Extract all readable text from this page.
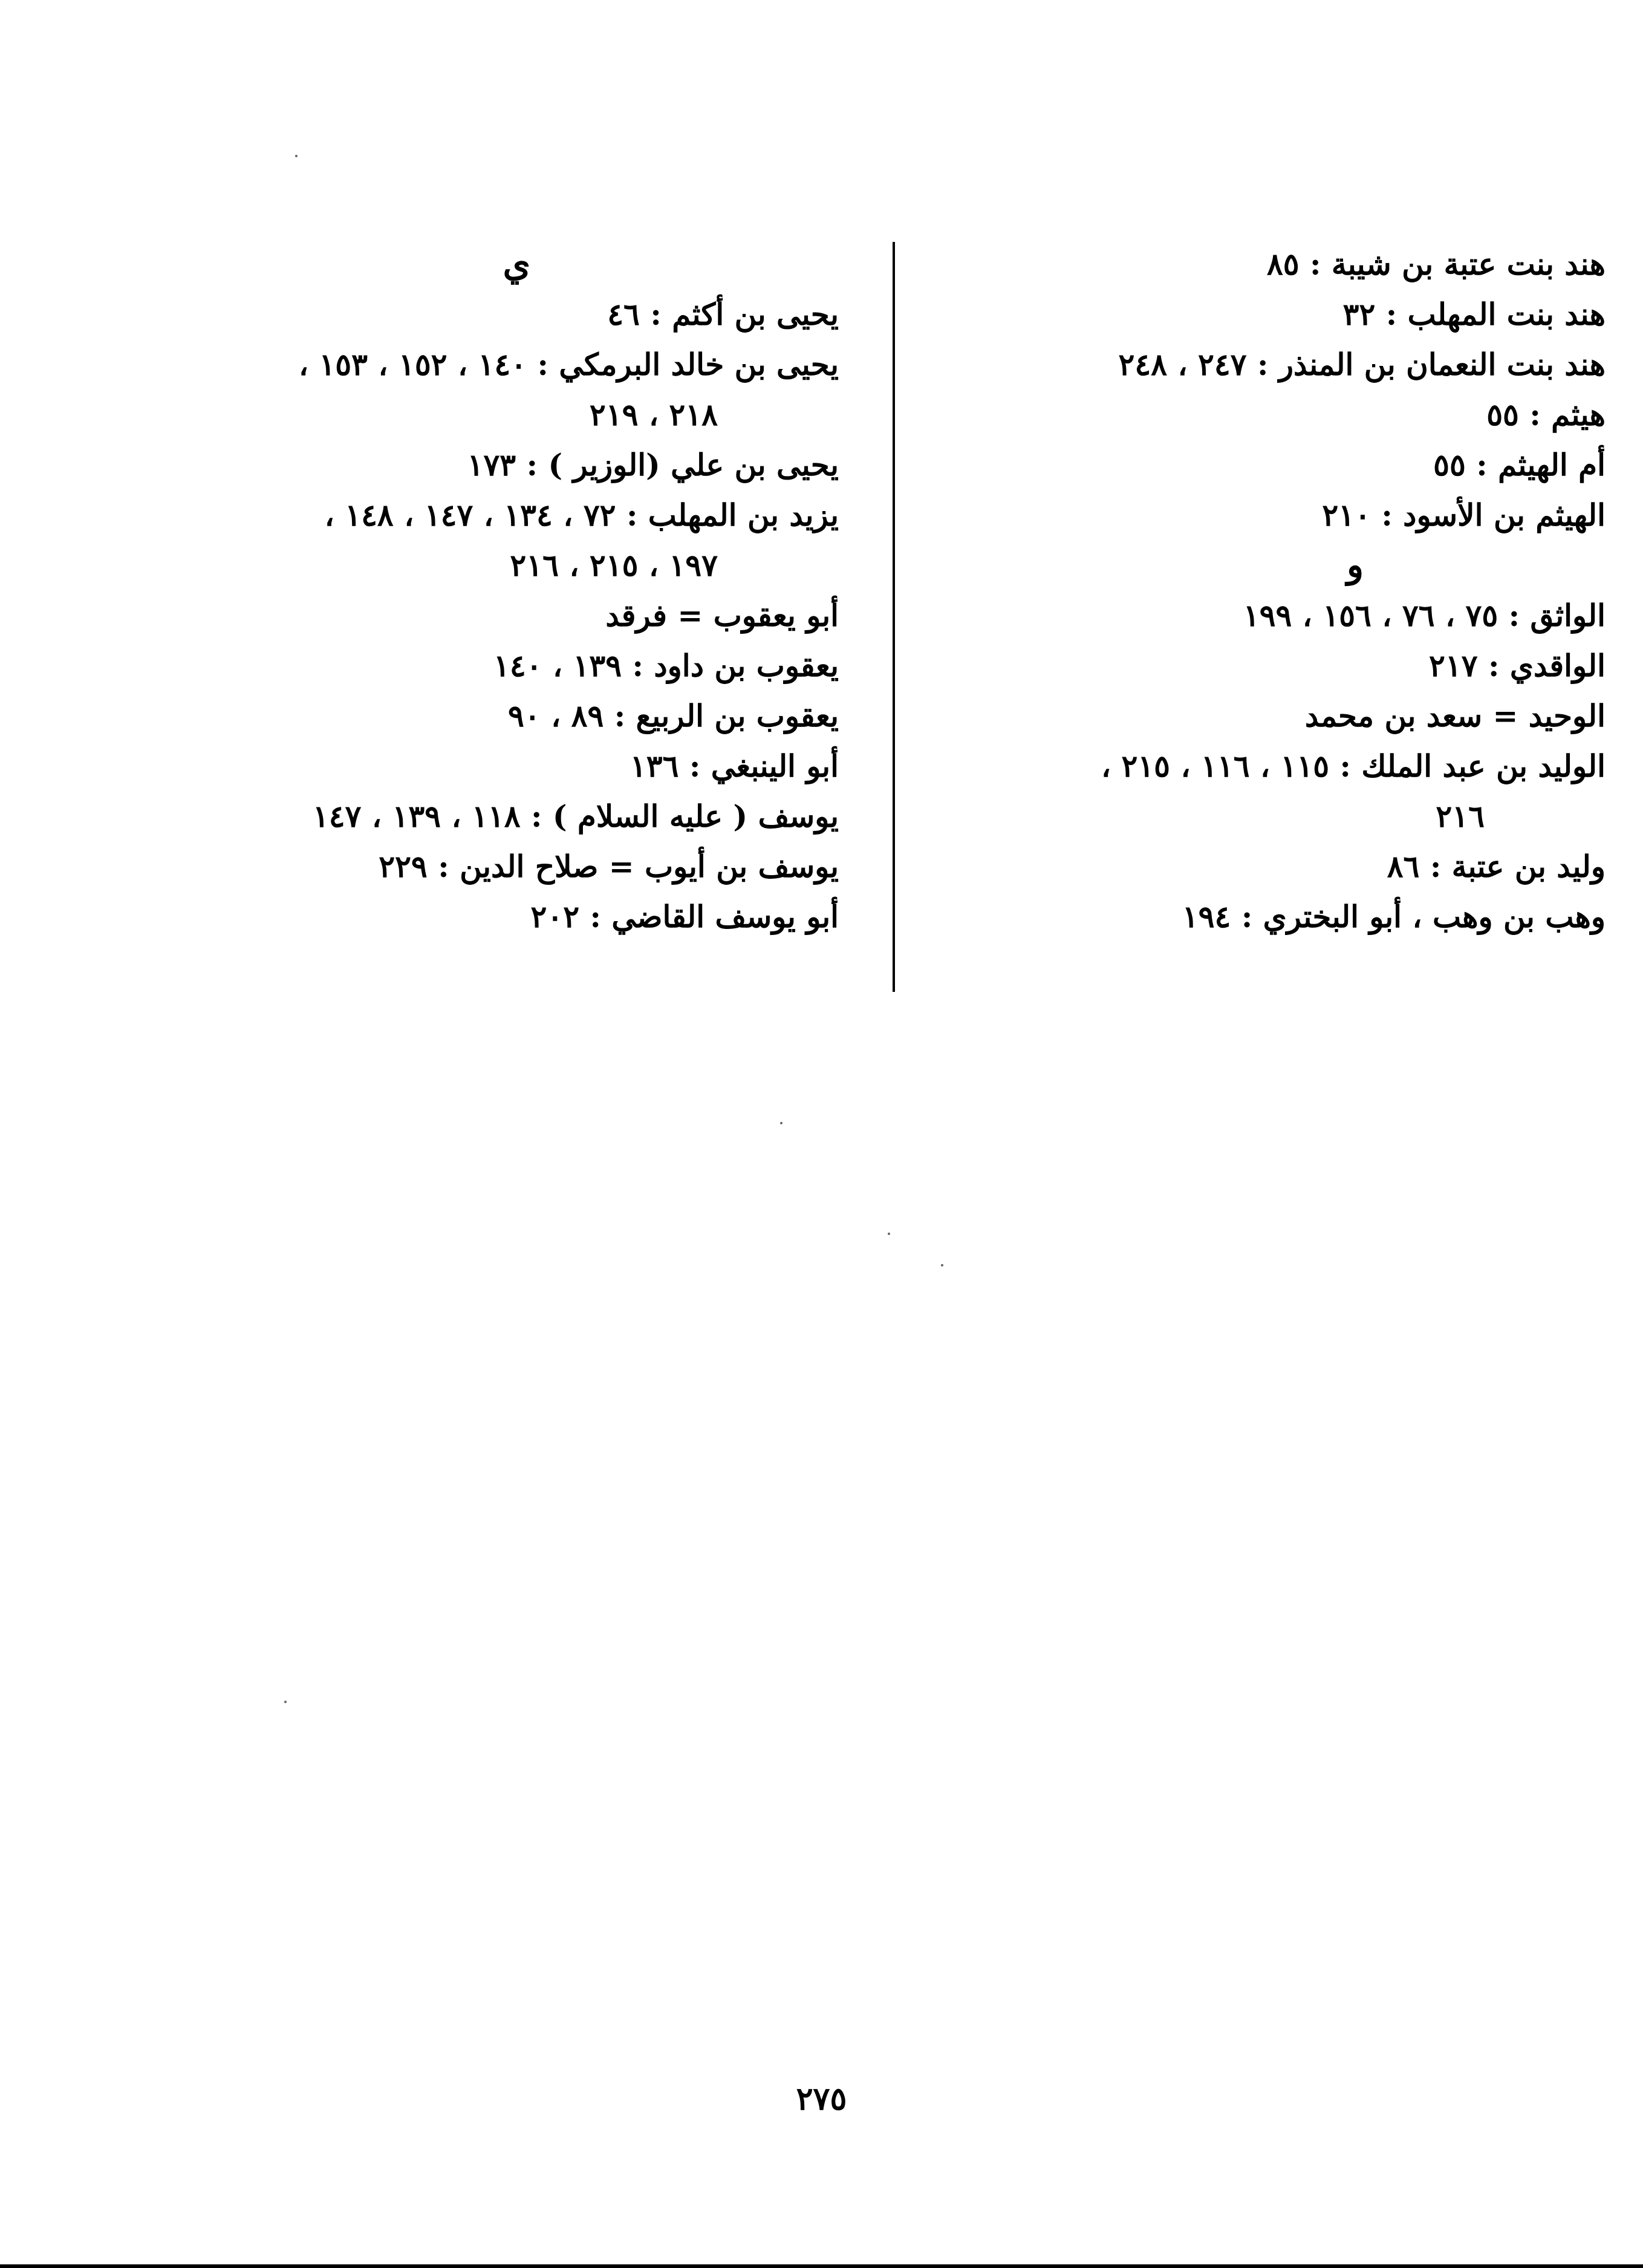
هند بنت عتبة بن شيبة : ٨٥
هند بنت المهلب : ٣٢
هند بنت النعمان بن المنذر : ٢٤٧ ، ٢٤٨
هيثم : ٥٥
أم الهيثم : ٥٥
الهيثم بن الأسود : ٢١٠
و
الواثق : ٧٥ ، ٧٦ ، ١٥٦ ، ١٩٩
الواقدي : ٢١٧
الوحيد = سعد بن محمد
الوليد بن عبد الملك : ١١٥ ، ١١٦ ، ٢١٥ ،
٢١٦
وليد بن عتبة : ٨٦
وهب بن وهب ، أبو البختري : ١٩٤
ي
يحيى بن أكثم : ٤٦
يحيى بن خالد البرمكي : ١٤٠ ، ١٥٢ ، ١٥٣ ،
٢١٨ ، ٢١٩
يحيى بن علي (الوزير ) : ١٧٣
يزيد بن المهلب : ٧٢ ، ١٣٤ ، ١٤٧ ، ١٤٨ ،
١٩٧ ، ٢١٥ ، ٢١٦
أبو يعقوب = فرقد
يعقوب بن داود : ١٣٩ ، ١٤٠
يعقوب بن الربيع : ٨٩ ، ٩٠
أبو الينبغي : ١٣٦
يوسف ( عليه السلام ) : ١١٨ ، ١٣٩ ، ١٤٧
يوسف بن أيوب = صلاح الدين : ٢٢٩
أبو يوسف القاضي : ٢٠٢
٢٧٥
